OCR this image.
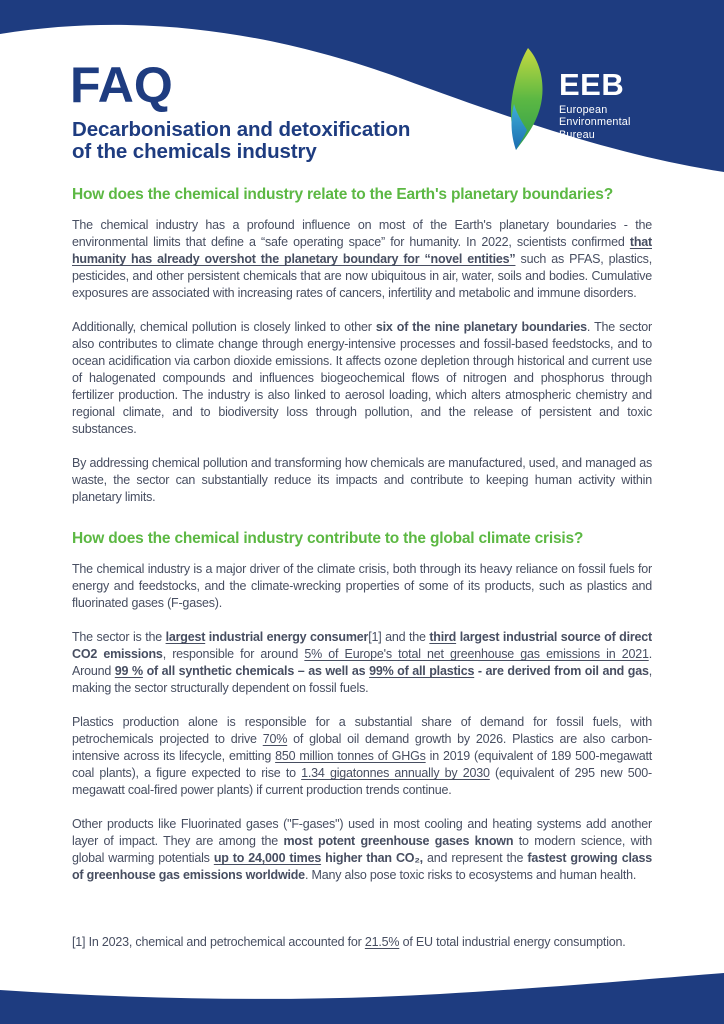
FAQ
Decarbonisation and detoxification
of the chemicals industry
EEB
European
Environmental
Bureau
How does the chemical industry relate to the Earth's planetary boundaries?

The chemical industry has a profound influence on most of the Earth's planetary boundaries - the environmental limits that define a “safe operating space” for humanity. In 2022, scientists confirmed that humanity has already overshot the planetary boundary for “novel entities” such as PFAS, plastics, pesticides, and other persistent chemicals that are now ubiquitous in air, water, soils and bodies. Cumulative exposures are associated with increasing rates of cancers, infertility and metabolic and immune disorders.

Additionally, chemical pollution is closely linked to other six of the nine planetary boundaries. The sector also contributes to climate change through energy-intensive processes and fossil-based feedstocks, and to ocean acidification via carbon dioxide emissions. It affects ozone depletion through historical and current use of halogenated compounds and influences biogeochemical flows of nitrogen and phosphorus through fertilizer production. The industry is also linked to aerosol loading, which alters atmospheric chemistry and regional climate, and to biodiversity loss through pollution, and the release of persistent and toxic substances.

By addressing chemical pollution and transforming how chemicals are manufactured, used, and managed as waste, the sector can substantially reduce its impacts and contribute to keeping human activity within planetary limits.

How does the chemical industry contribute to the global climate crisis?

The chemical industry is a major driver of the climate crisis, both through its heavy reliance on fossil fuels for energy and feedstocks, and the climate-wrecking properties of some of its products, such as plastics and fluorinated gases (F-gases).

The sector is the largest industrial energy consumer[1] and the third largest industrial source of direct CO2 emissions, responsible for around 5% of Europe's total net greenhouse gas emissions in 2021. Around 99 % of all synthetic chemicals – as well as 99% of all plastics - are derived from oil and gas, making the sector structurally dependent on fossil fuels.

Plastics production alone is responsible for a substantial share of demand for fossil fuels, with petrochemicals projected to drive 70% of global oil demand growth by 2026. Plastics are also carbon-intensive across its lifecycle, emitting 850 million tonnes of GHGs in 2019 (equivalent of 189 500-megawatt coal plants), a figure expected to rise to 1.34 gigatonnes annually by 2030 (equivalent of 295 new 500-megawatt coal-fired power plants) if current production trends continue.

Other products like Fluorinated gases ("F-gases") used in most cooling and heating systems add another layer of impact. They are among the most potent greenhouse gases known to modern science, with global warming potentials up to 24,000 times higher than CO₂, and represent the fastest growing class of greenhouse gas emissions worldwide. Many also pose toxic risks to ecosystems and human health.

[1] In 2023, chemical and petrochemical accounted for 21.5% of EU total industrial energy consumption.
